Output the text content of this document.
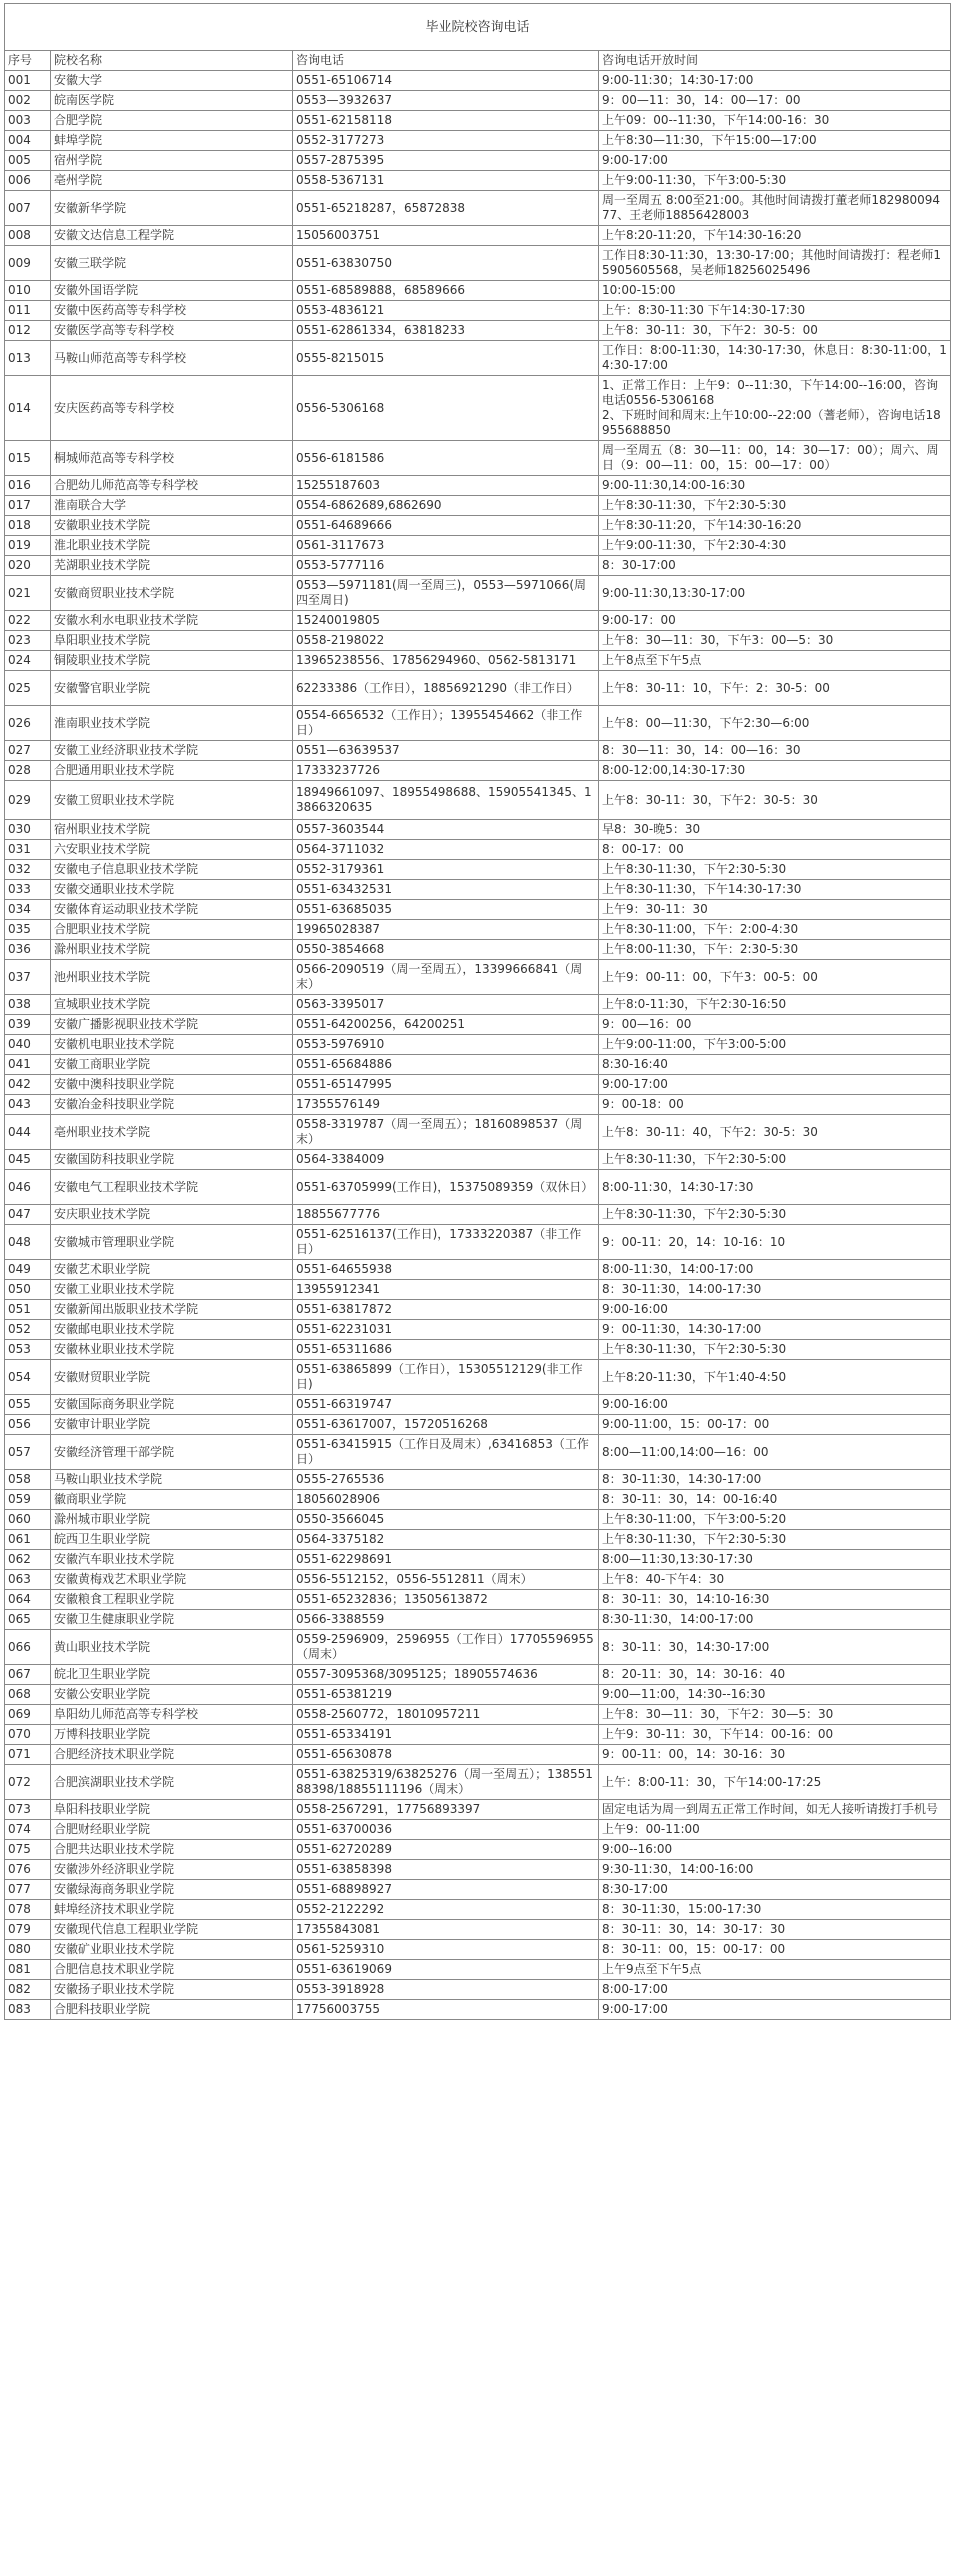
毕业院校咨询电话			
序号	院校名称	咨询电话	咨询电话开放时间
001	安徽大学	0551-65106714	9:00-11:30；14:30-17:00
002	皖南医学院	0553—3932637	9：00—11：30，14：00—17：00
003	合肥学院	0551-62158118	上午09：00--11:30，下午14:00-16：30
004	蚌埠学院	0552-3177273	上午8:30—11:30，下午15:00—17:00
005	宿州学院	0557-2875395	9:00-17:00
006	亳州学院	0558-5367131	上午9:00-11:30，下午3:00-5:30
007	安徽新华学院	0551-65218287，65872838	周一至周五 8:00至21:00。其他时间请拨打董老师18298009477、王老师18856428003
008	安徽文达信息工程学院	15056003751	上午8:20-11:20，下午14:30-16:20
009	安徽三联学院	0551-63830750	工作日8:30-11:30，13:30-17:00；其他时间请拨打：程老师15905605568，吴老师18256025496
010	安徽外国语学院	0551-68589888，68589666	10:00-15:00
011	安徽中医药高等专科学校	0553-4836121	上午：8:30-11:30 下午14:30-17:30
012	安徽医学高等专科学校	0551-62861334，63818233	上午8：30-11：30，下午2：30-5：00
013	马鞍山师范高等专科学校	0555-8215015	工作日：8:00-11:30，14:30-17:30，休息日：8:30-11:00，14:30-17:00
014	安庆医药高等专科学校	0556-5306168	1、正常工作日：上午9：0--11:30，下午14:00--16:00，咨询电话0556-5306168
2、下班时间和周末:上午10:00--22:00（蓍老师），咨询电话18955688850
015	桐城师范高等专科学校	0556-6181586	周一至周五（8：30—11：00，14：30—17：00）；周六、周日（9：00—11：00，15：00—17：00）
016	合肥幼儿师范高等专科学校	15255187603	9:00-11:30,14:00-16:30
017	淮南联合大学	0554-6862689,6862690	上午8:30-11:30，下午2:30-5:30
018	安徽职业技术学院	0551-64689666	上午8:30-11:20，下午14:30-16:20
019	淮北职业技术学院	0561-3117673	上午9:00-11:30，下午2:30-4:30
020	芜湖职业技术学院	0553-5777116	8：30-17:00
021	安徽商贸职业技术学院	0553—5971181(周一至周三)，0553—5971066(周四至周日)	9:00-11:30,13:30-17:00
022	安徽水利水电职业技术学院	15240019805	9:00-17：00
023	阜阳职业技术学院	0558-2198022	上午8：30—11：30，下午3：00—5：30
024	铜陵职业技术学院	13965238556、17856294960、0562-5813171	上午8点至下午5点
025	安徽警官职业学院	62233386（工作日），18856921290（非工作日）	上午8：30-11：10，下午：2：30-5：00
026	淮南职业技术学院	0554-6656532（工作日）；13955454662（非工作日）	上午8：00—11:30，下午2:30—6:00
027	安徽工业经济职业技术学院	0551—63639537	8：30—11：30，14：00—16：30
028	合肥通用职业技术学院	17333237726	8:00-12:00,14:30-17:30
029	安徽工贸职业技术学院	18949661097、18955498688、15905541345、13866320635	上午8：30-11：30，下午2：30-5：30
030	宿州职业技术学院	0557-3603544	早8：30-晚5：30
031	六安职业技术学院	0564-3711032	8：00-17：00
032	安徽电子信息职业技术学院	0552-3179361	上午8:30-11:30，下午2:30-5:30
033	安徽交通职业技术学院	0551-63432531	上午8:30-11:30，下午14:30-17:30
034	安徽体育运动职业技术学院	0551-63685035	上午9：30-11：30
035	合肥职业技术学院	19965028387	上午8:30-11:00，下午：2:00-4:30
036	滁州职业技术学院	0550-3854668	上午8:00-11:30，下午：2:30-5:30
037	池州职业技术学院	0566-2090519（周一至周五），13399666841（周末）	上午9：00-11：00，下午3：00-5：00
038	宣城职业技术学院	0563-3395017	上午8:0-11:30，下午2:30-16:50
039	安徽广播影视职业技术学院	0551-64200256，64200251	9：00—16：00
040	安徽机电职业技术学院	0553-5976910	上午9:00-11:00，下午3:00-5:00
041	安徽工商职业学院	0551-65684886	8:30-16:40
042	安徽中澳科技职业学院	0551-65147995	9:00-17:00
043	安徽冶金科技职业学院	17355576149	9：00-18：00
044	亳州职业技术学院	0558-3319787（周一至周五）；18160898537（周末）	上午8：30-11：40，下午2：30-5：30
045	安徽国防科技职业学院	0564-3384009	上午8:30-11:30，下午2:30-5:00
046	安徽电气工程职业技术学院	0551-63705999(工作日)，15375089359（双休日）	8:00-11:30，14:30-17:30
047	安庆职业技术学院	18855677776	上午8:30-11:30，下午2:30-5:30
048	安徽城市管理职业学院	0551-62516137(工作日)，17333220387（非工作日）	9：00-11：20，14：10-16：10
049	安徽艺术职业学院	0551-64655938	8:00-11:30，14:00-17:00
050	安徽工业职业技术学院	13955912341	8：30-11:30，14:00-17:30
051	安徽新闻出版职业技术学院	0551-63817872	9:00-16:00
052	安徽邮电职业技术学院	0551-62231031	9：00-11:30，14:30-17:00
053	安徽林业职业技术学院	0551-65311686	上午8:30-11:30，下午2:30-5:30
054	安徽财贸职业学院	0551-63865899（工作日），15305512129(非工作日)	上午8:20-11:30，下午1:40-4:50
055	安徽国际商务职业学院	0551-66319747	9:00-16:00
056	安徽审计职业学院	0551-63617007，15720516268	9:00-11:00，15：00-17：00
057	安徽经济管理干部学院	0551-63415915（工作日及周末）,63416853（工作日）	8:00—11:00,14:00—16：00
058	马鞍山职业技术学院	0555-2765536	8：30-11:30，14:30-17:00
059	徽商职业学院	18056028906	8：30-11：30，14：00-16:40
060	滁州城市职业学院	0550-3566045	上午8:30-11:00，下午3:00-5:20
061	皖西卫生职业学院	0564-3375182	上午8:30-11:30，下午2:30-5:30
062	安徽汽车职业技术学院	0551-62298691	8:00—11:30,13:30-17:30
063	安徽黄梅戏艺术职业学院	0556-5512152，0556-5512811（周末）	上午8：40-下午4：30
064	安徽粮食工程职业学院	0551-65232836；13505613872	8：30-11：30，14:10-16:30
065	安徽卫生健康职业学院	0566-3388559	8:30-11:30，14:00-17:00
066	黄山职业技术学院	0559-2596909，2596955（工作日）17705596955（周末）	8：30-11：30，14:30-17:00
067	皖北卫生职业学院	0557-3095368/3095125；18905574636	8：20-11：30，14：30-16：40
068	安徽公安职业学院	0551-65381219	9:00—11:00，14:30--16:30
069	阜阳幼儿师范高等专科学校	0558-2560772，18010957211	上午8：30—11：30，下午2：30—5：30
070	万博科技职业学院	0551-65334191	上午9：30-11：30，下午14：00-16：00
071	合肥经济技术职业学院	0551-65630878	9：00-11：00，14：30-16：30
072	合肥滨湖职业技术学院	0551-63825319/63825276（周一至周五）；13855188398/18855111196（周末）	上午：8:00-11：30，下午14:00-17:25
073	阜阳科技职业学院	0558-2567291，17756893397	固定电话为周一到周五正常工作时间，如无人接听请拨打手机号
074	合肥财经职业学院	0551-63700036	上午9：00-11:00
075	合肥共达职业技术学院	0551-62720289	9:00--16:00
076	安徽涉外经济职业学院	0551-63858398	9:30-11:30，14:00-16:00
077	安徽绿海商务职业学院	0551-68898927	8:30-17:00
078	蚌埠经济技术职业学院	0552-2122292	8：30-11:30，15:00-17:30
079	安徽现代信息工程职业学院	17355843081	8：30-11：30，14：30-17：30
080	安徽矿业职业技术学院	0561-5259310	8：30-11：00，15：00-17：00
081	合肥信息技术职业学院	0551-63619069	上午9点至下午5点
082	安徽扬子职业技术学院	0553-3918928	8:00-17:00
083	合肥科技职业学院	17756003755	9:00-17:00
